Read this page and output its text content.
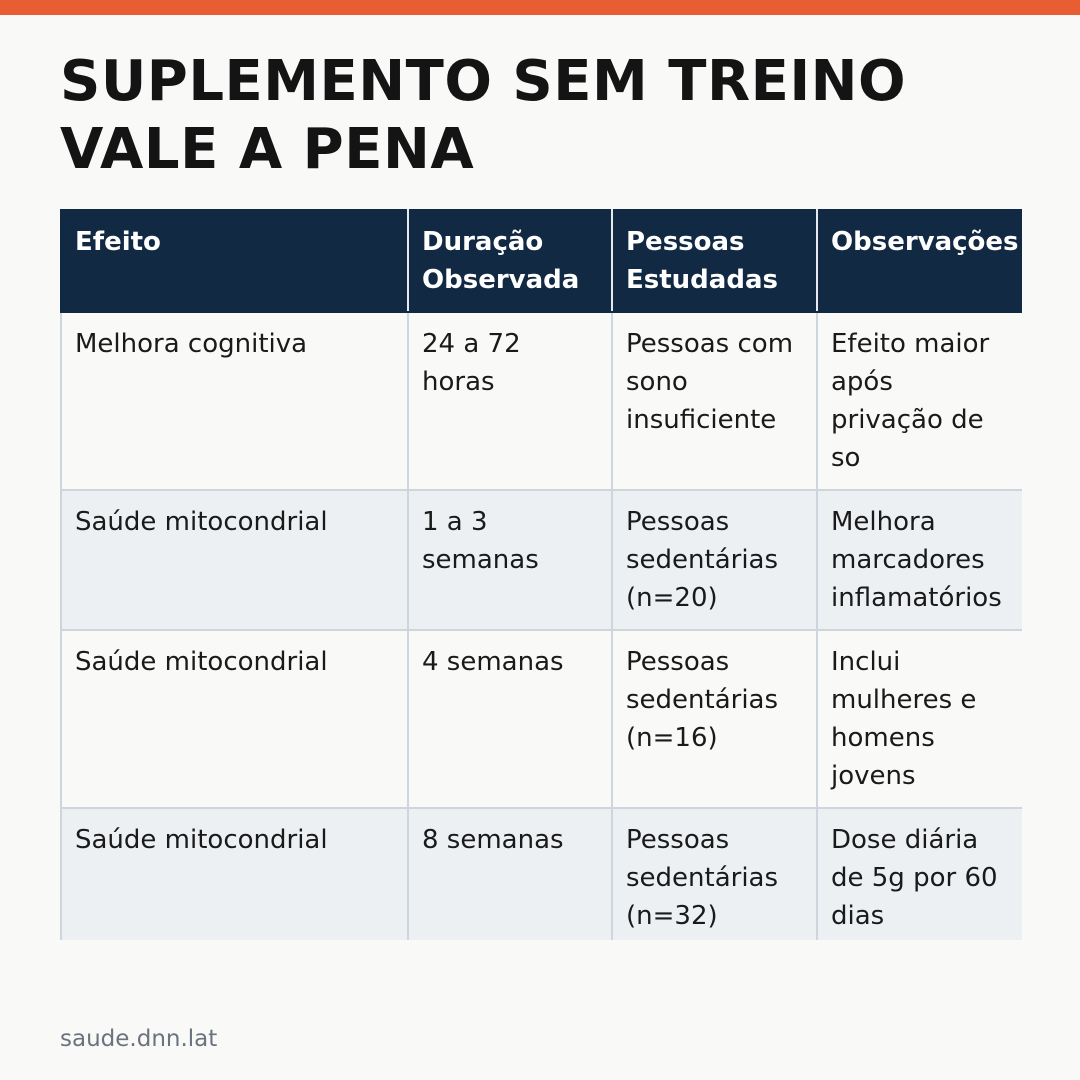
SUPLEMENTO SEM TREINO
VALE A PENA
Efeito	Duração Observada	Pessoas Estudadas	Observações
Melhora cognitiva	24 a 72 horas	Pessoas com sono insuficiente	Efeito maior após privação de so
Saúde mitocondrial	1 a 3 semanas	Pessoas sedentárias (n=20)	Melhora marcadores inflamatórios
Saúde mitocondrial	4 semanas	Pessoas sedentárias (n=16)	Inclui mulheres e homens jovens
Saúde mitocondrial	8 semanas	Pessoas sedentárias (n=32)	Dose diária de 5g por 60 dias
saude.dnn.lat
